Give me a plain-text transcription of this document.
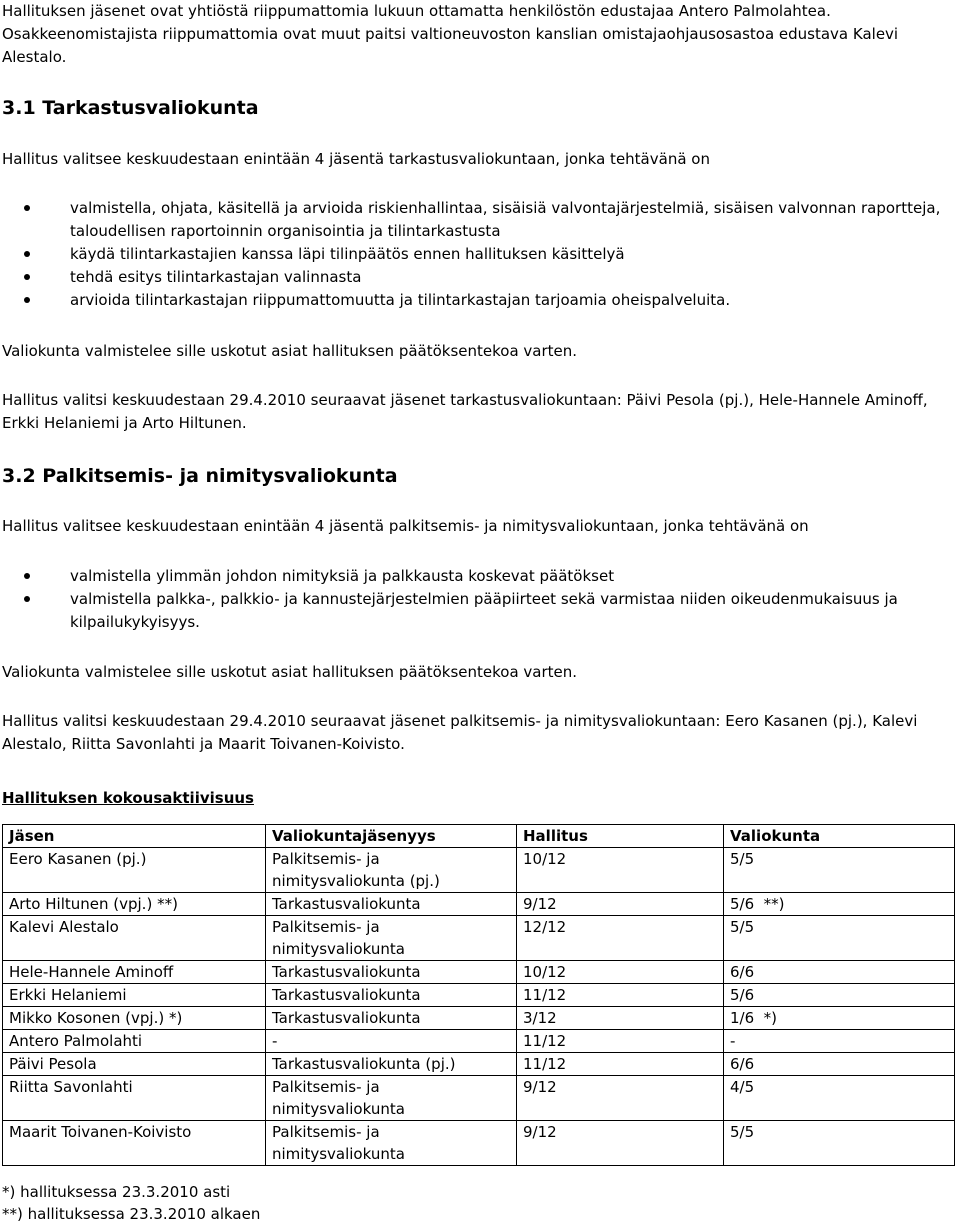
Hallituksen jäsenet ovat yhtiöstä riippumattomia lukuun ottamatta henkilöstön edustajaa Antero Palmolahtea.

Osakkeenomistajista riippumattomia ovat muut paitsi valtioneuvoston kanslian omistajaohjausosastoa edustava Kalevi Alestalo.

3.1 Tarkastusvaliokunta

Hallitus valitsee keskuudestaan enintään 4 jäsentä tarkastusvaliokuntaan, jonka tehtävänä on

valmistella, ohjata, käsitellä ja arvioida riskienhallintaa, sisäisiä valvontajärjestelmiä, sisäisen valvonnan raportteja, taloudellisen raportoinnin organisointia ja tilintarkastusta
käydä tilintarkastajien kanssa läpi tilinpäätös ennen hallituksen käsittelyä
tehdä esitys tilintarkastajan valinnasta
arvioida tilintarkastajan riippumattomuutta ja tilintarkastajan tarjoamia oheispalveluita.

Valiokunta valmistelee sille uskotut asiat hallituksen päätöksentekoa varten.

Hallitus valitsi keskuudestaan 29.4.2010 seuraavat jäsenet tarkastusvaliokuntaan: Päivi Pesola (pj.), Hele-Hannele Aminoff, Erkki Helaniemi ja Arto Hiltunen.

3.2 Palkitsemis- ja nimitysvaliokunta

Hallitus valitsee keskuudestaan enintään 4 jäsentä palkitsemis- ja nimitysvaliokuntaan, jonka tehtävänä on

valmistella ylimmän johdon nimityksiä ja palkkausta koskevat päätökset
valmistella palkka-, palkkio- ja kannustejärjestelmien pääpiirteet sekä varmistaa niiden oikeudenmukaisuus ja kilpailukykyisyys.

Valiokunta valmistelee sille uskotut asiat hallituksen päätöksentekoa varten.

Hallitus valitsi keskuudestaan 29.4.2010 seuraavat jäsenet palkitsemis- ja nimitysvaliokuntaan: Eero Kasanen (pj.), Kalevi Alestalo, Riitta Savonlahti ja Maarit Toivanen-Koivisto.

Hallituksen kokousaktiivisuus

Jäsen	Valiokuntajäsenyys	Hallitus	Valiokunta
Eero Kasanen (pj.)	Palkitsemis- ja nimitysvaliokunta (pj.)	10/12	5/5
Arto Hiltunen (vpj.) **)	Tarkastusvaliokunta	9/12	5/6  **)
Kalevi Alestalo	Palkitsemis- ja nimitysvaliokunta	12/12	5/5
Hele-Hannele Aminoff	Tarkastusvaliokunta	10/12	6/6
Erkki Helaniemi	Tarkastusvaliokunta	11/12	5/6
Mikko Kosonen (vpj.) *)	Tarkastusvaliokunta	3/12	1/6  *)
Antero Palmolahti	-	11/12	-
Päivi Pesola	Tarkastusvaliokunta (pj.)	11/12	6/6
Riitta Savonlahti	Palkitsemis- ja nimitysvaliokunta	9/12	4/5
Maarit Toivanen-Koivisto	Palkitsemis- ja nimitysvaliokunta	9/12	5/5

*) hallituksessa 23.3.2010 asti

**) hallituksessa 23.3.2010 alkaen
